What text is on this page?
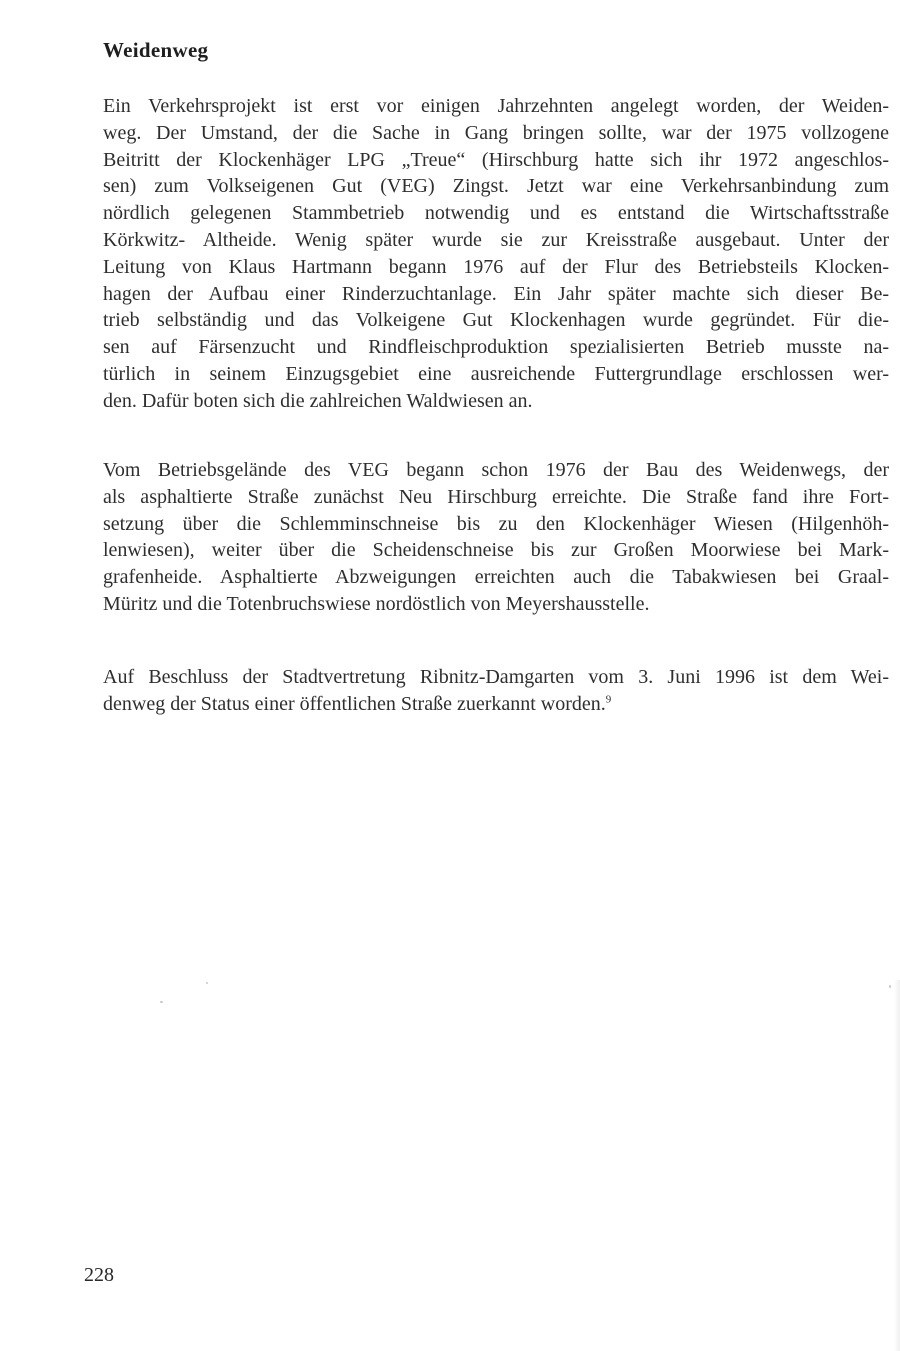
Weidenweg

Ein Verkehrsprojekt ist erst vor einigen Jahrzehnten angelegt worden, der Weiden-
weg. Der Umstand, der die Sache in Gang bringen sollte, war der 1975 vollzogene
Beitritt der Klockenhäger LPG „Treue“ (Hirschburg hatte sich ihr 1972 angeschlos-
sen) zum Volkseigenen Gut (VEG) Zingst. Jetzt war eine Verkehrsanbindung zum
nördlich gelegenen Stammbetrieb notwendig und es entstand die Wirtschaftsstraße
Körkwitz- Altheide. Wenig später wurde sie zur Kreisstraße ausgebaut. Unter der
Leitung von Klaus Hartmann begann 1976 auf der Flur des Betriebsteils Klocken-
hagen der Aufbau einer Rinderzuchtanlage. Ein Jahr später machte sich dieser Be-
trieb selbständig und das Volkeigene Gut Klockenhagen wurde gegründet. Für die-
sen auf Färsenzucht und Rindfleischproduktion spezialisierten Betrieb musste na-
türlich in seinem Einzugsgebiet eine ausreichende Futtergrundlage erschlossen wer-
den. Dafür boten sich die zahlreichen Waldwiesen an.

Vom Betriebsgelände des VEG begann schon 1976 der Bau des Weidenwegs, der
als asphaltierte Straße zunächst Neu Hirschburg erreichte. Die Straße fand ihre Fort-
setzung über die Schlemminschneise bis zu den Klockenhäger Wiesen (Hilgenhöh-
lenwiesen), weiter über die Scheidenschneise bis zur Großen Moorwiese bei Mark-
grafenheide. Asphaltierte Abzweigungen erreichten auch die Tabakwiesen bei Graal-
Müritz und die Totenbruchswiese nordöstlich von Meyershausstelle.

Auf Beschluss der Stadtvertretung Ribnitz-Damgarten vom 3. Juni 1996 ist dem Wei-
denweg der Status einer öffentlichen Straße zuerkannt worden.$^9$

228
